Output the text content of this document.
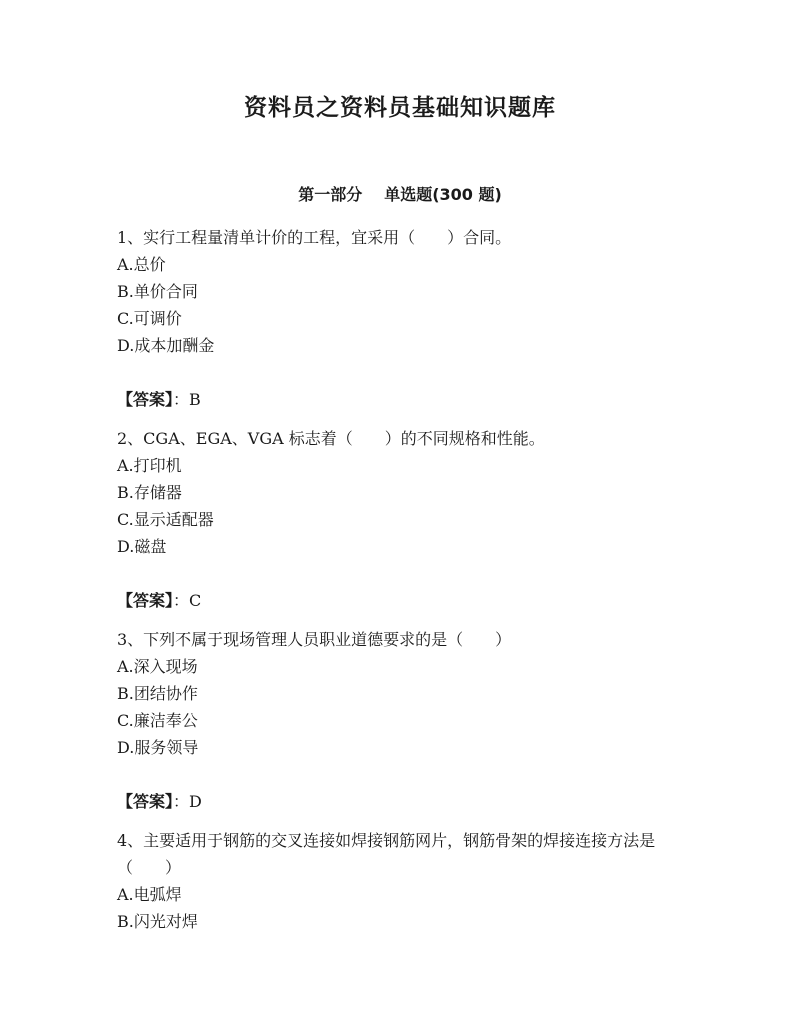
资料员之资料员基础知识题库
第一部分 单选题(300 题)

1、实行工程量清单计价的工程，宜采用（　　）合同。

A.总价

B.单价合同

C.可调价

D.成本加酬金

【答案】：B

2、CGA、EGA、VGA 标志着（　　）的不同规格和性能。

A.打印机

B.存储器

C.显示适配器

D.磁盘

【答案】：C

3、下列不属于现场管理人员职业道德要求的是（　　）

A.深入现场

B.团结协作

C.廉洁奉公

D.服务领导

【答案】：D

4、主要适用于钢筋的交叉连接如焊接钢筋网片，钢筋骨架的焊接连接方法是（　　）

A.电弧焊

B.闪光对焊
